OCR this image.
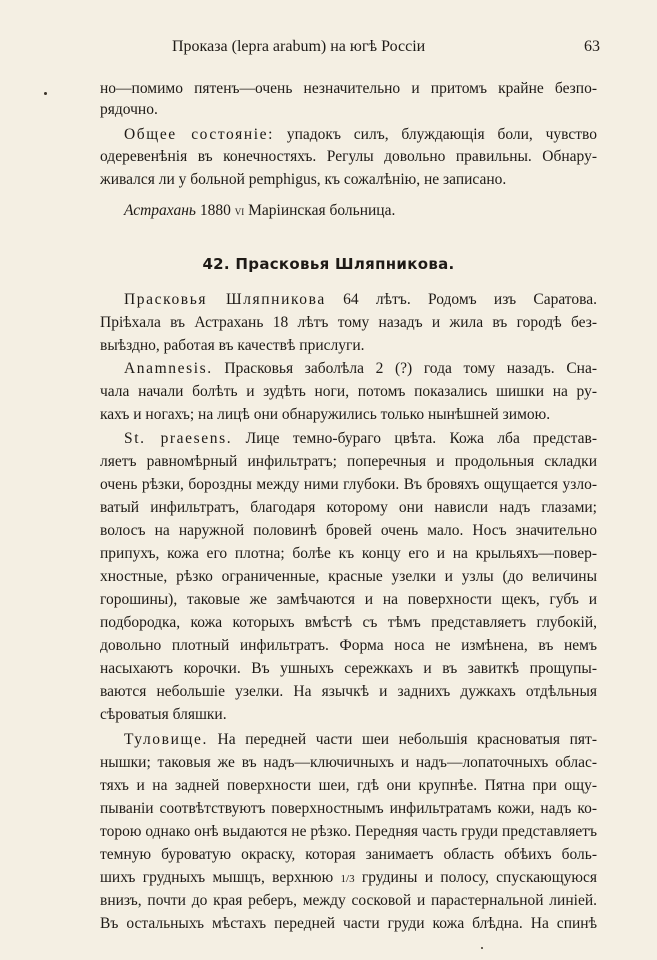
Проказа (lepra arabum) на югѣ Россіи	63
но—помимо пятенъ—очень незначительно и притомъ крайне безпо-
рядочно.
Общее состояніе: упадокъ силъ, блуждающія боли, чувство
одеревенѣнія въ конечностяхъ. Регулы довольно правильны. Обнару-
живался ли у больной pemphigus, къ сожалѣнію, не записано.
Астрахань 1880 VI Маріинская больница.
42. Прасковья Шляпникова.
Прасковья Шляпникова 64 лѣтъ. Родомъ изъ Саратова.
Пріѣхала въ Астрахань 18 лѣтъ тому назадъ и жила въ городѣ без-
выѣздно, работая въ качествѣ прислуги.
Anamnesis. Прасковья заболѣла 2 (?) года тому назадъ. Сна-
чала начали болѣть и зудѣть ноги, потомъ показались шишки на ру-
кахъ и ногахъ; на лицѣ они обнаружились только нынѣшней зимою.
St. praesens. Лице темно-бураго цвѣта. Кожа лба представ-
ляетъ равномѣрный инфильтратъ; поперечныя и продольныя складки
очень рѣзки, бороздны между ними глубоки. Въ бровяхъ ощущается узло-
ватый инфильтратъ, благодаря которому они нависли надъ глазами;
волосъ на наружной половинѣ бровей очень мало. Носъ значительно
припухъ, кожа его плотна; болѣе къ концу его и на крыльяхъ—повер-
хностные, рѣзко ограниченные, красные узелки и узлы (до величины
горошины), таковые же замѣчаются и на поверхности щекъ, губъ и
подбородка, кожа которыхъ вмѣстѣ съ тѣмъ представляетъ глубокій,
довольно плотный инфильтратъ. Форма носа не измѣнена, въ немъ
насыхаютъ корочки. Въ ушныхъ сережкахъ и въ завиткѣ прощупы-
ваются небольшіе узелки. На язычкѣ и заднихъ дужкахъ отдѣльныя
сѣроватыя бляшки.
Туловище. На передней части шеи небольшія красноватыя пят-
нышки; таковыя же въ надъ—ключичныхъ и надъ—лопаточныхъ облас-
тяхъ и на задней поверхности шеи, гдѣ они крупнѣе. Пятна при ощу-
пываніи соотвѣтствуютъ поверхностнымъ инфильтратамъ кожи, надъ ко-
торою однако онѣ выдаются не рѣзко. Передняя часть груди представляетъ
темную буроватую окраску, которая занимаетъ область обѣихъ боль-
шихъ грудныхъ мышцъ, верхнюю 1/3 грудины и полосу, спускающуюся
внизъ, почти до края реберъ, между сосковой и парастернальной линіей.
Въ остальныхъ мѣстахъ передней части груди кожа блѣдна. На спинѣ
